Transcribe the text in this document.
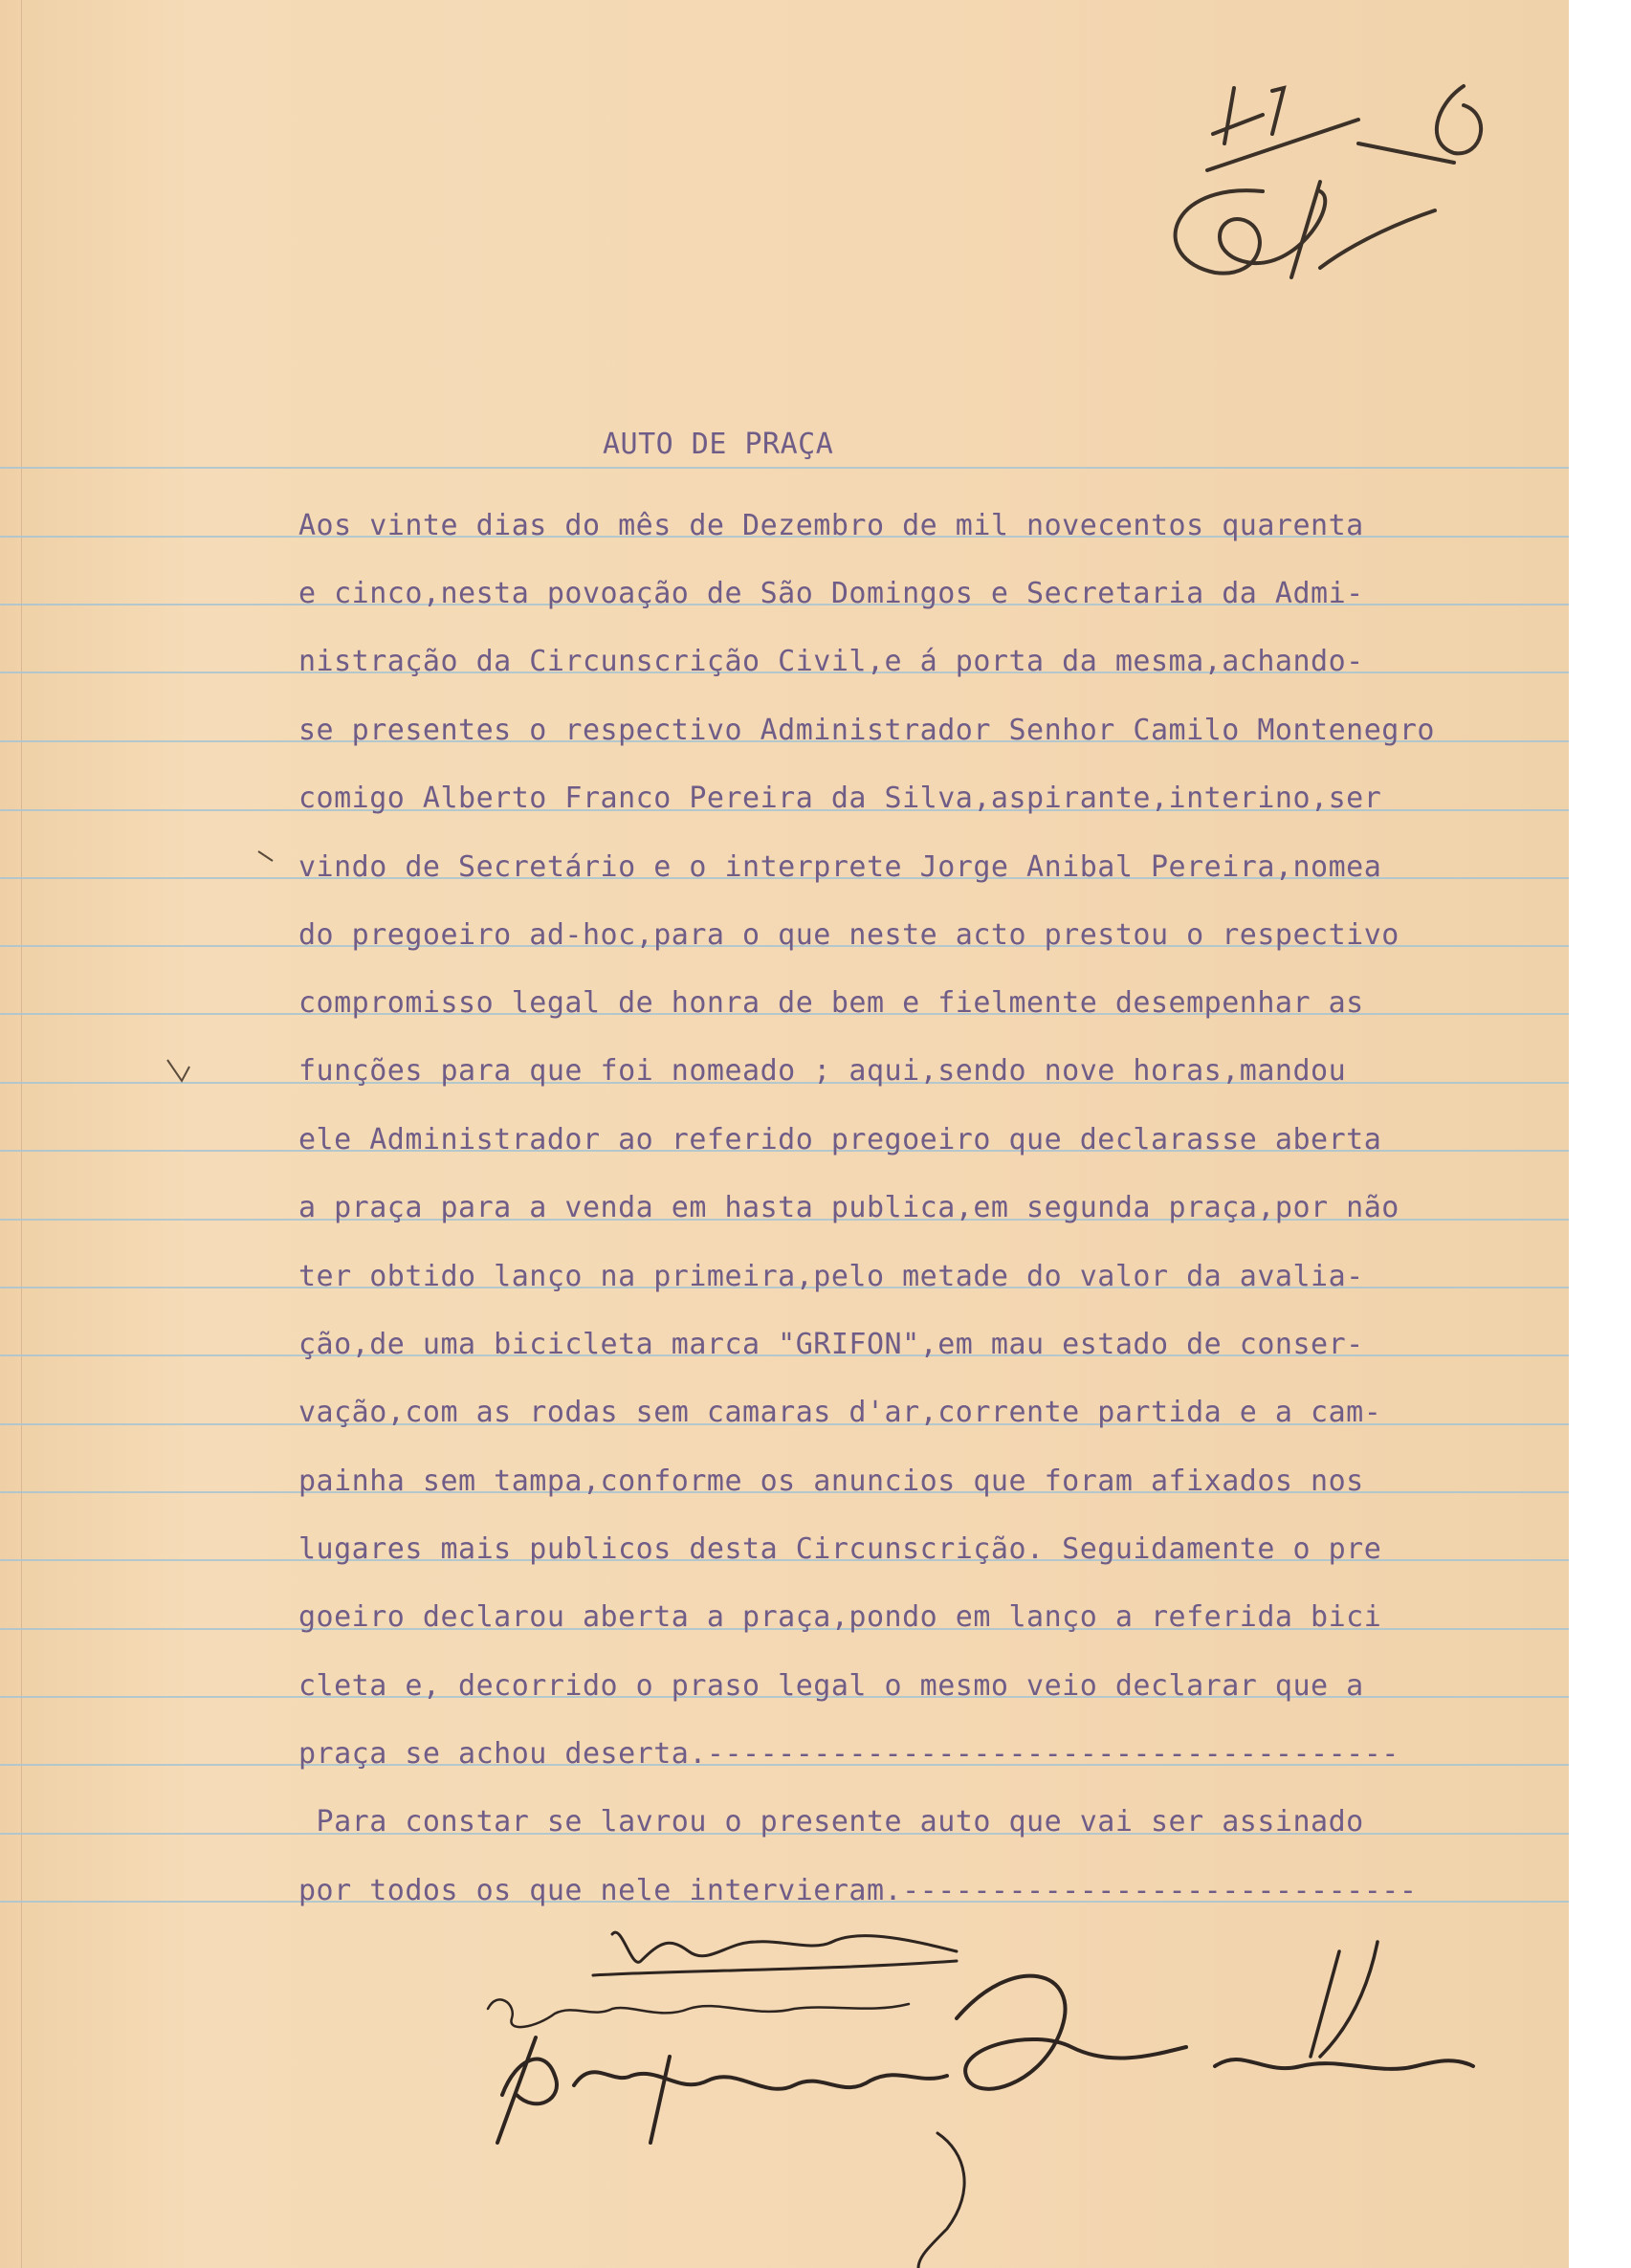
AUTO DE PRAÇA
Aos vinte dias do mês de Dezembro de mil novecentos quarenta
e cinco,nesta povoação de São Domingos e Secretaria da Admi-
nistração da Circunscrição Civil,e á porta da mesma,achando-
se presentes o respectivo Administrador Senhor Camilo Montenegro
comigo Alberto Franco Pereira da Silva,aspirante,interino,ser
vindo de Secretário e o interprete Jorge Anibal Pereira,nomea
do pregoeiro ad-hoc,para o que neste acto prestou o respectivo
compromisso legal de honra de bem e fielmente desempenhar as
funções para que foi nomeado ; aqui,sendo nove horas,mandou
ele Administrador ao referido pregoeiro que declarasse aberta
a praça para a venda em hasta publica,em segunda praça,por não
ter obtido lanço na primeira,pelo metade do valor da avalia-
ção,de uma bicicleta marca "GRIFON",em mau estado de conser-
vação,com as rodas sem camaras d'ar,corrente partida e a cam-
painha sem tampa,conforme os anuncios que foram afixados nos
lugares mais publicos desta Circunscrição. Seguidamente o pre
goeiro declarou aberta a praça,pondo em lanço a referida bici
cleta e, decorrido o praso legal o mesmo veio declarar que a
praça se achou deserta.---------------------------------------
Para constar se lavrou o presente auto que vai ser assinado
por todos os que nele intervieram.-----------------------------
